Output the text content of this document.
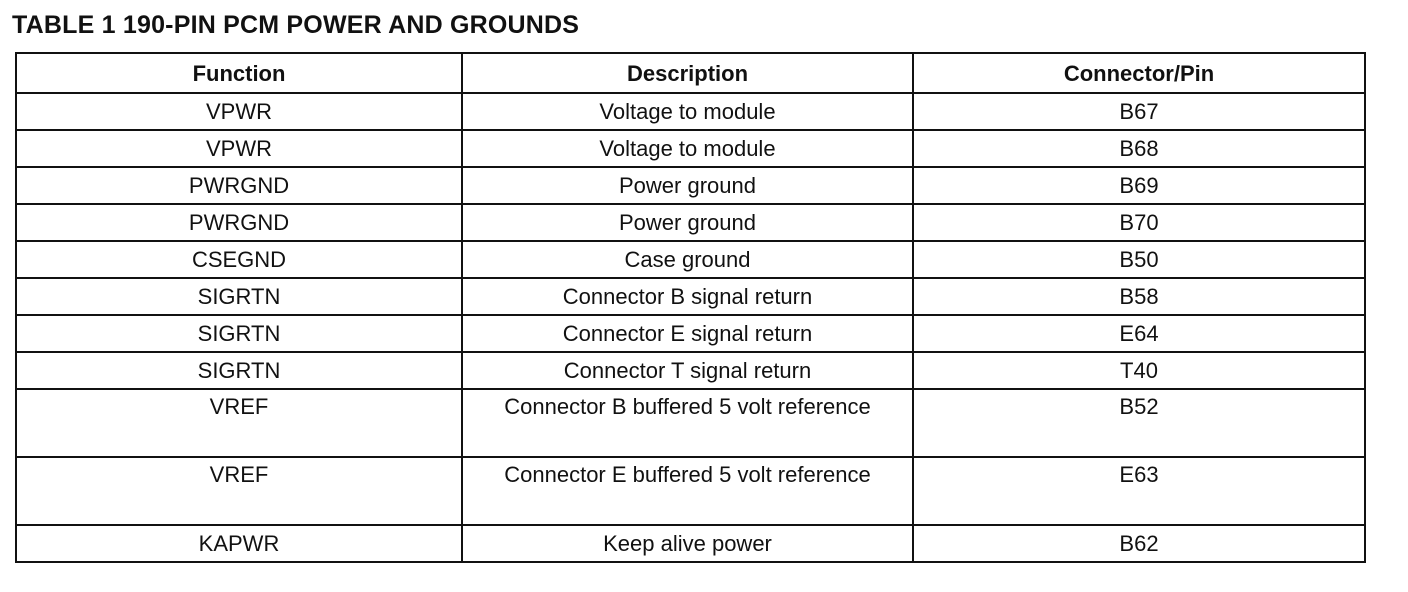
TABLE 1 190-PIN PCM POWER AND GROUNDS
Function	Description	Connector/Pin
VPWR	Voltage to module	B67
VPWR	Voltage to module	B68
PWRGND	Power ground	B69
PWRGND	Power ground	B70
CSEGND	Case ground	B50
SIGRTN	Connector B signal return	B58
SIGRTN	Connector E signal return	E64
SIGRTN	Connector T signal return	T40
VREF	Connector B buffered 5 volt reference	B52
VREF	Connector E buffered 5 volt reference	E63
KAPWR	Keep alive power	B62
